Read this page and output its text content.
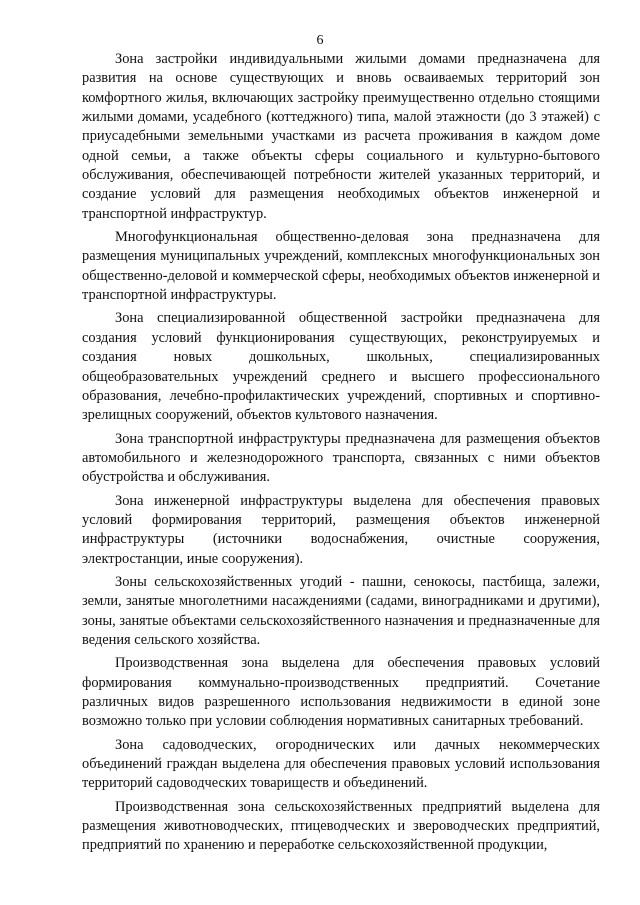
6

Зона застройки индивидуальными жилыми домами предназначена для развития на основе существующих и вновь осваиваемых территорий зон комфортного жилья, включающих застройку преимущественно отдельно стоящими жилыми домами, усадебного (коттеджного) типа, малой этажности (до 3 этажей) с приусадебными земельными участками из расчета проживания в каждом доме одной семьи, а также объекты сферы социального и культурно-бытового обслуживания, обеспечивающей потребности жителей указанных территорий, и создание условий для размещения необходимых объектов инженерной и транспортной инфраструктур.

Многофункциональная общественно-деловая зона предназначена для размещения муниципальных учреждений, комплексных многофункциональных зон общественно-деловой и коммерческой сферы, необходимых объектов инженерной и транспортной инфраструктуры.

Зона специализированной общественной застройки предназначена для создания условий функционирования существующих, реконструируемых и создания новых дошкольных, школьных, специализированных общеобразовательных учреждений среднего и высшего профессионального образования, лечебно-профилактических учреждений, спортивных и спортивно-зрелищных сооружений, объектов культового назначения.

Зона транспортной инфраструктуры предназначена для размещения объектов автомобильного и железнодорожного транспорта, связанных с ними объектов обустройства и обслуживания.

Зона инженерной инфраструктуры выделена для обеспечения правовых условий формирования территорий, размещения объектов инженерной инфраструктуры (источники водоснабжения, очистные сооружения, электростанции, иные сооружения).

Зоны сельскохозяйственных угодий - пашни, сенокосы, пастбища, залежи, земли, занятые многолетними насаждениями (садами, виноградниками и другими), зоны, занятые объектами сельскохозяйственного назначения и предназначенные для ведения сельского хозяйства.

Производственная зона выделена для обеспечения правовых условий формирования коммунально-производственных предприятий. Сочетание различных видов разрешенного использования недвижимости в единой зоне возможно только при условии соблюдения нормативных санитарных требований.

Зона садоводческих, огороднических или дачных некоммерческих объединений граждан выделена для обеспечения правовых условий использования территорий садоводческих товариществ и объединений.

Производственная зона сельскохозяйственных предприятий выделена для размещения животноводческих, птицеводческих и звероводческих предприятий, предприятий по хранению и переработке сельскохозяйственной продукции,
